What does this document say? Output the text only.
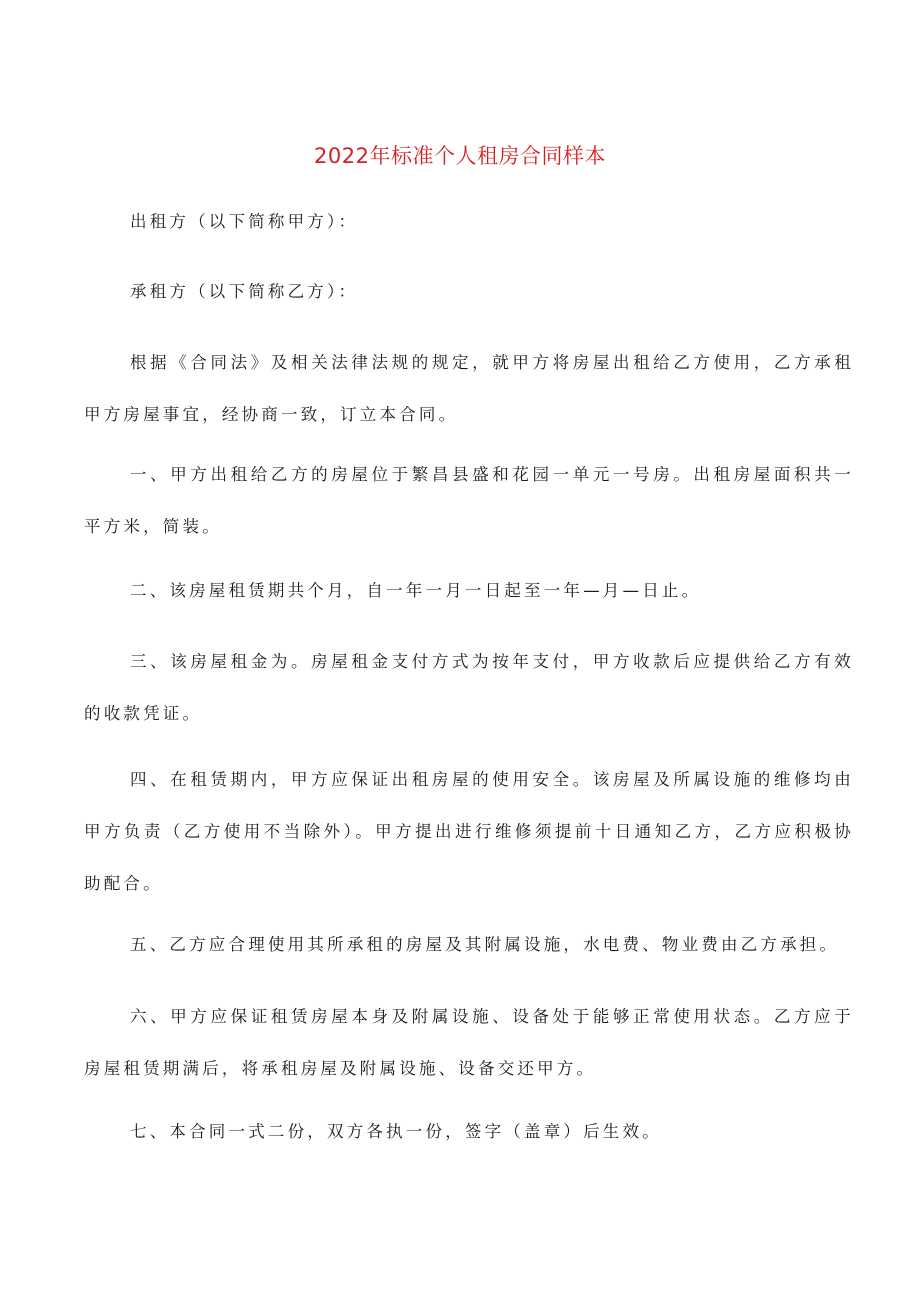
2022年标准个人租房合同样本

出租方（以下简称甲方）：

承租方（以下简称乙方）：

根据《合同法》及相关法律法规的规定，就甲方将房屋出租给乙方使用，乙方承租甲方房屋事宜，经协商一致，订立本合同。

一、甲方出租给乙方的房屋位于繁昌县盛和花园一单元一号房。出租房屋面积共一平方米，简装。

二、该房屋租赁期共个月，自一年一月一日起至一年—月—日止。

三、该房屋租金为。房屋租金支付方式为按年支付，甲方收款后应提供给乙方有效的收款凭证。

四、在租赁期内，甲方应保证出租房屋的使用安全。该房屋及所属设施的维修均由甲方负责（乙方使用不当除外）。甲方提出进行维修须提前十日通知乙方，乙方应积极协助配合。

五、乙方应合理使用其所承租的房屋及其附属设施，水电费、物业费由乙方承担。

六、甲方应保证租赁房屋本身及附属设施、设备处于能够正常使用状态。乙方应于房屋租赁期满后，将承租房屋及附属设施、设备交还甲方。

七、本合同一式二份，双方各执一份，签字（盖章）后生效。
